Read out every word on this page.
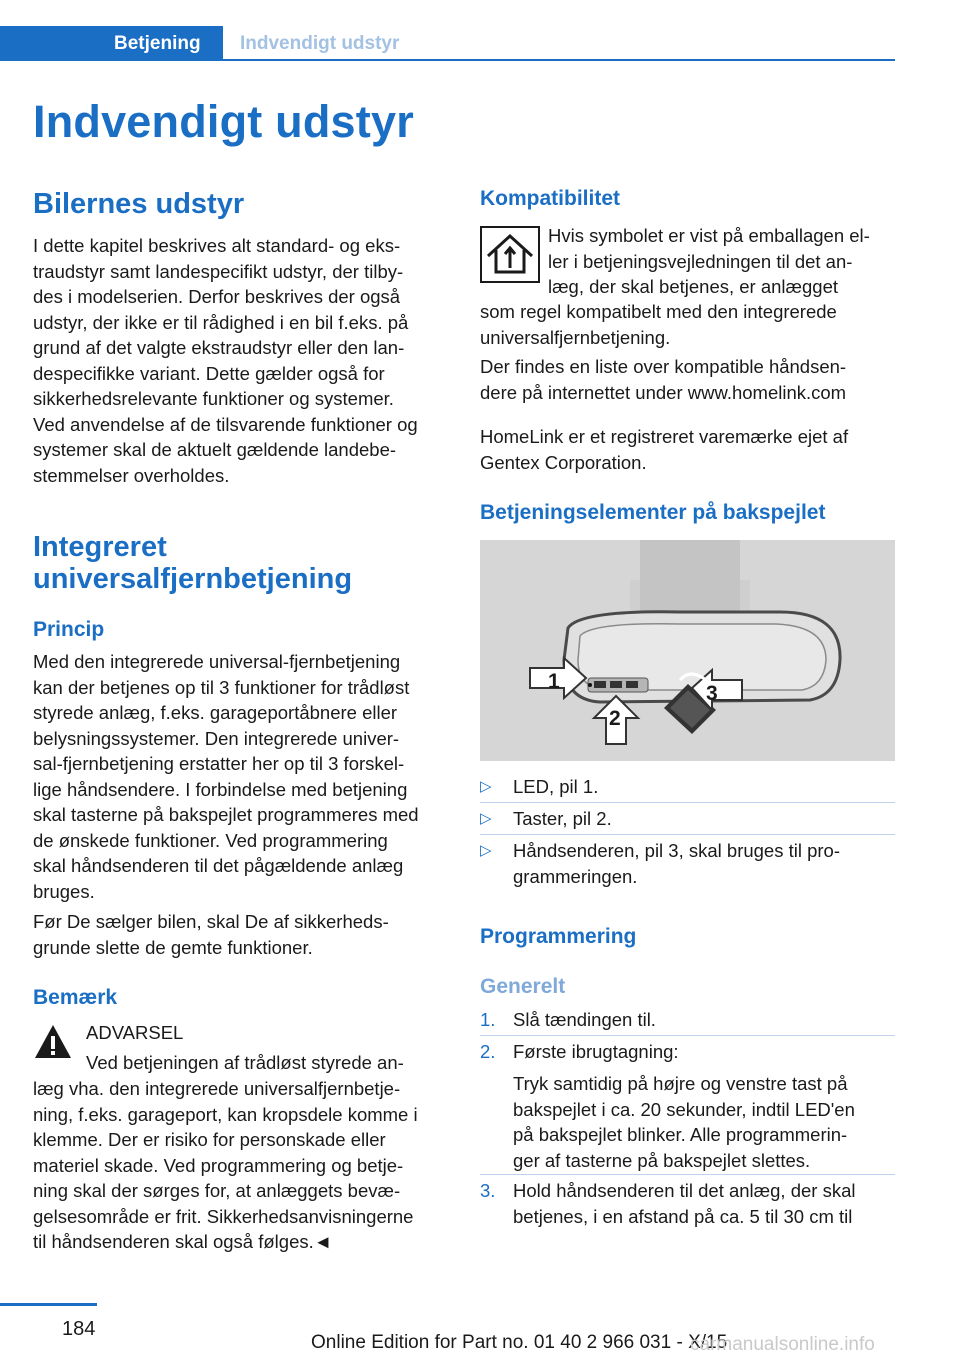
Betjening	Indvendigt udstyr
Indvendigt udstyr
Bilernes udstyr
I dette kapitel beskrives alt standard- og eks-
traudstyr samt landespecifikt udstyr, der tilby-
des i modelserien. Derfor beskrives der også
udstyr, der ikke er til rådighed i en bil f.eks. på
grund af det valgte ekstraudstyr eller den lan-
despecifikke variant. Dette gælder også for
sikkerhedsrelevante funktioner og systemer.
Ved anvendelse af de tilsvarende funktioner og
systemer skal de aktuelt gældende landebe-
stemmelser overholdes.
Integreret
universalfjernbetjening
Princip
Med den integrerede universal-fjernbetjening
kan der betjenes op til 3 funktioner for trådløst
styrede anlæg, f.eks. garageportåbnere eller
belysningssystemer. Den integrerede univer-
sal-fjernbetjening erstatter her op til 3 forskel-
lige håndsendere. I forbindelse med betjening
skal tasterne på bakspejlet programmeres med
de ønskede funktioner. Ved programmering
skal håndsenderen til det pågældende anlæg
bruges.
Før De sælger bilen, skal De af sikkerheds-
grunde slette de gemte funktioner.
Bemærk
ADVARSEL
Ved betjeningen af trådløst styrede an-
læg vha. den integrerede universalfjernbetje-
ning, f.eks. garageport, kan kropsdele komme i
klemme. Der er risiko for personskade eller
materiel skade. Ved programmering og betje-
ning skal der sørges for, at anlæggets bevæ-
gelsesområde er frit. Sikkerhedsanvisningerne
til håndsenderen skal også følges.◄
Kompatibilitet
Hvis symbolet er vist på emballagen el-
ler i betjeningsvejledningen til det an-
læg, der skal betjenes, er anlægget
som regel kompatibelt med den integrerede
universalfjernbetjening.
Der findes en liste over kompatible håndsen-
dere på internettet under www.homelink.com
HomeLink er et registreret varemærke ejet af
Gentex Corporation.
Betjeningselementer på bakspejlet
1
2
3
▷ LED, pil 1.
▷ Taster, pil 2.
▷ Håndsenderen, pil 3, skal bruges til pro-
grammeringen.
Programmering
Generelt
1. Slå tændingen til.
2. Første ibrugtagning:
Tryk samtidig på højre og venstre tast på
bakspejlet i ca. 20 sekunder, indtil LED'en
på bakspejlet blinker. Alle programmerin-
ger af tasterne på bakspejlet slettes.
3. Hold håndsenderen til det anlæg, der skal
betjenes, i en afstand på ca. 5 til 30 cm til
184
Online Edition for Part no. 01 40 2 966 031 - X/15
carmanualsonline.info
